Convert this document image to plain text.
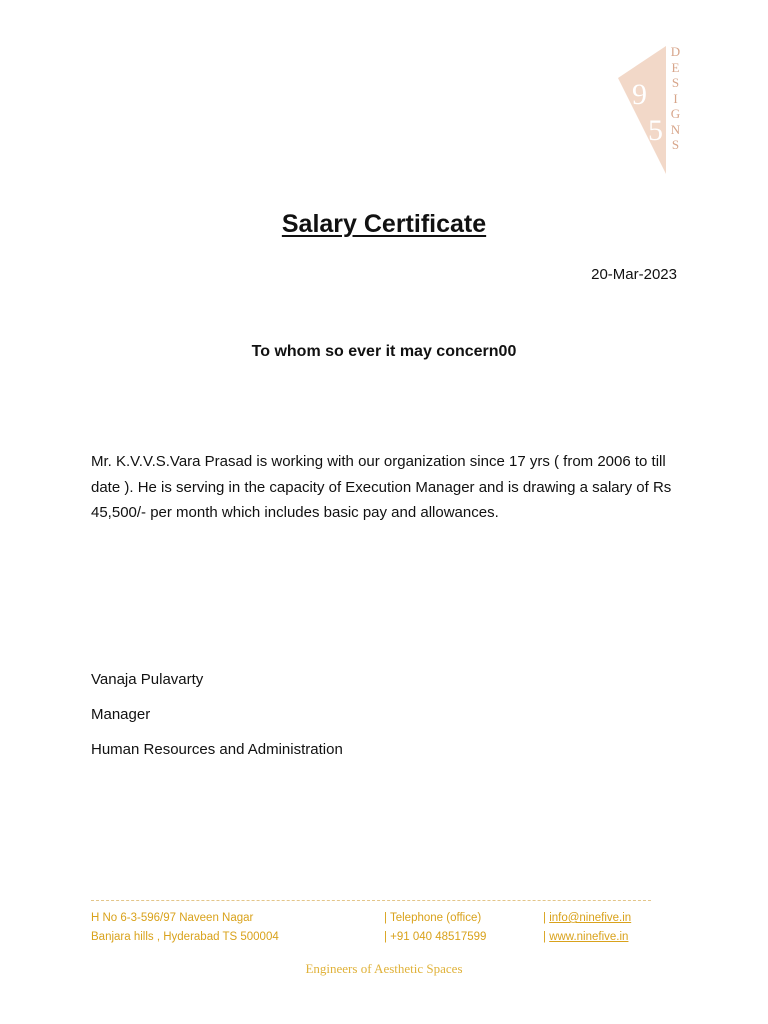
9
5
D
E
S
I
G
N
S
Salary Certificate
20-Mar-2023
To whom so ever it may concern00
Mr. K.V.V.S.Vara Prasad is working with our organization since 17 yrs ( from 2006 to till date ). He is serving in the capacity of Execution Manager and is drawing a salary of Rs 45,500/- per month which includes basic pay and allowances.
Vanaja Pulavarty
Manager
Human Resources and Administration
H No 6-3-596/97 Naveen Nagar
Banjara hills , Hyderabad TS 500004
| Telephone (office)
| +91 040 48517599
| info@ninefive.in
| www.ninefive.in
Engineers of Aesthetic Spaces
